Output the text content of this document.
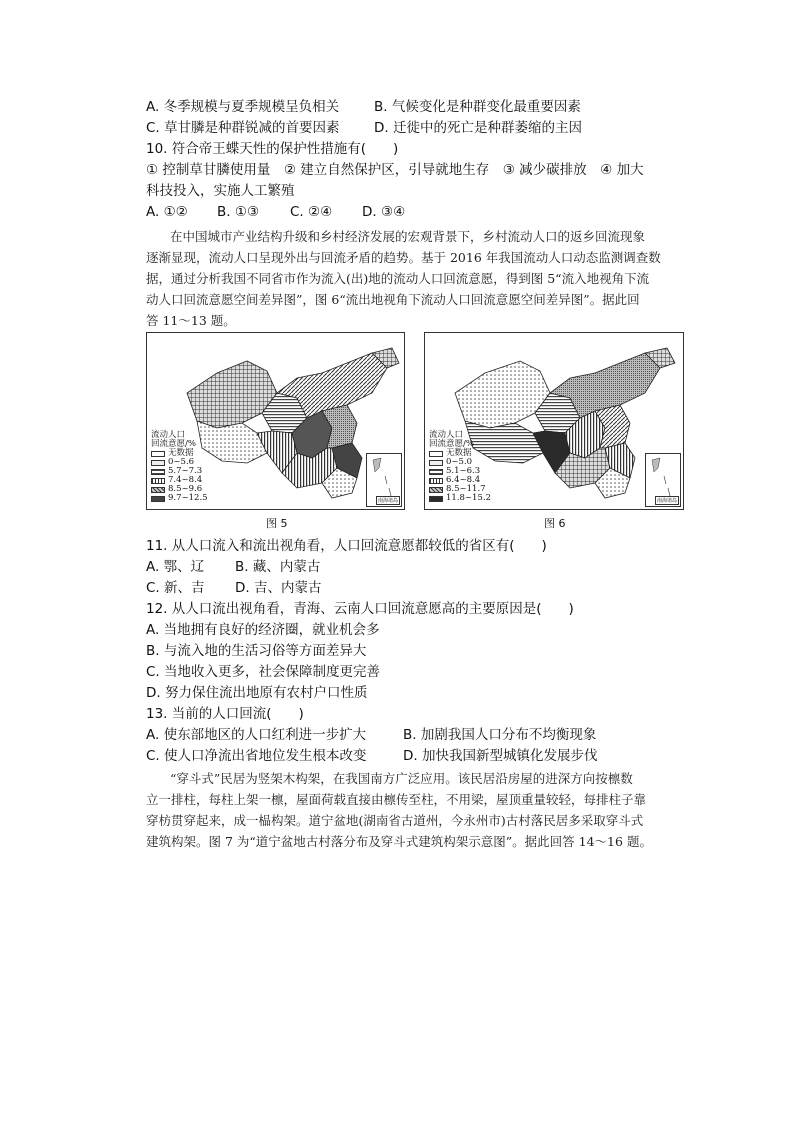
A. 冬季规模与夏季规模呈负相关	B. 气候变化是种群变化最重要因素
C. 草甘膦是种群锐减的首要因素	D. 迁徙中的死亡是种群萎缩的主因
10. 符合帝王蝶天性的保护性措施有(　　)
① 控制草甘膦使用量　② 建立自然保护区，引导就地生存　③ 减少碳排放　④ 加大
科技投入，实施人工繁殖
A. ①② B. ①③ C. ②④ D. ③④
在中国城市产业结构升级和乡村经济发展的宏观背景下，乡村流动人口的返乡回流现象
逐渐显现，流动人口呈现外出与回流矛盾的趋势。基于 2016 年我国流动人口动态监测调查数
据，通过分析我国不同省市作为流入(出)地的流动人口回流意愿，得到图 5“流入地视角下流
动人口回流意愿空间差异图”，图 6“流出地视角下流动人口回流意愿空间差异图”。据此回
答 11～13 题。
流动人口
回流意愿/%
无数据
0~5.6
5.7~7.3
7.4~8.4
8.5~9.6
9.7~12.5	南海诸岛
图 5
流动人口
回流意愿/%
无数据
0~5.0
5.1~6.3
6.4~8.4
8.5~11.7
11.8~15.2	南海诸岛
图 6
11. 从人口流入和流出视角看，人口回流意愿都较低的省区有(　　)
A. 鄂、辽 B. 藏、内蒙古
C. 新、吉 D. 吉、内蒙古
12. 从人口流出视角看，青海、云南人口回流意愿高的主要原因是(　　)
A. 当地拥有良好的经济圈，就业机会多
B. 与流入地的生活习俗等方面差异大
C. 当地收入更多，社会保障制度更完善
D. 努力保住流出地原有农村户口性质
13. 当前的人口回流(　　)
A. 使东部地区的人口红利进一步扩大	B. 加剧我国人口分布不均衡现象
C. 使人口净流出省地位发生根本改变	D. 加快我国新型城镇化发展步伐
“穿斗式”民居为竖架木构架，在我国南方广泛应用。该民居沿房屋的进深方向按檩数
立一排柱，每柱上架一檩，屋面荷载直接由檩传至柱，不用梁，屋顶重量较轻，每排柱子靠
穿枋贯穿起来，成一榀构架。道宁盆地(湖南省古道州，今永州市)古村落民居多采取穿斗式
建筑构架。图 7 为“道宁盆地古村落分布及穿斗式建筑构架示意图”。据此回答 14～16 题。
